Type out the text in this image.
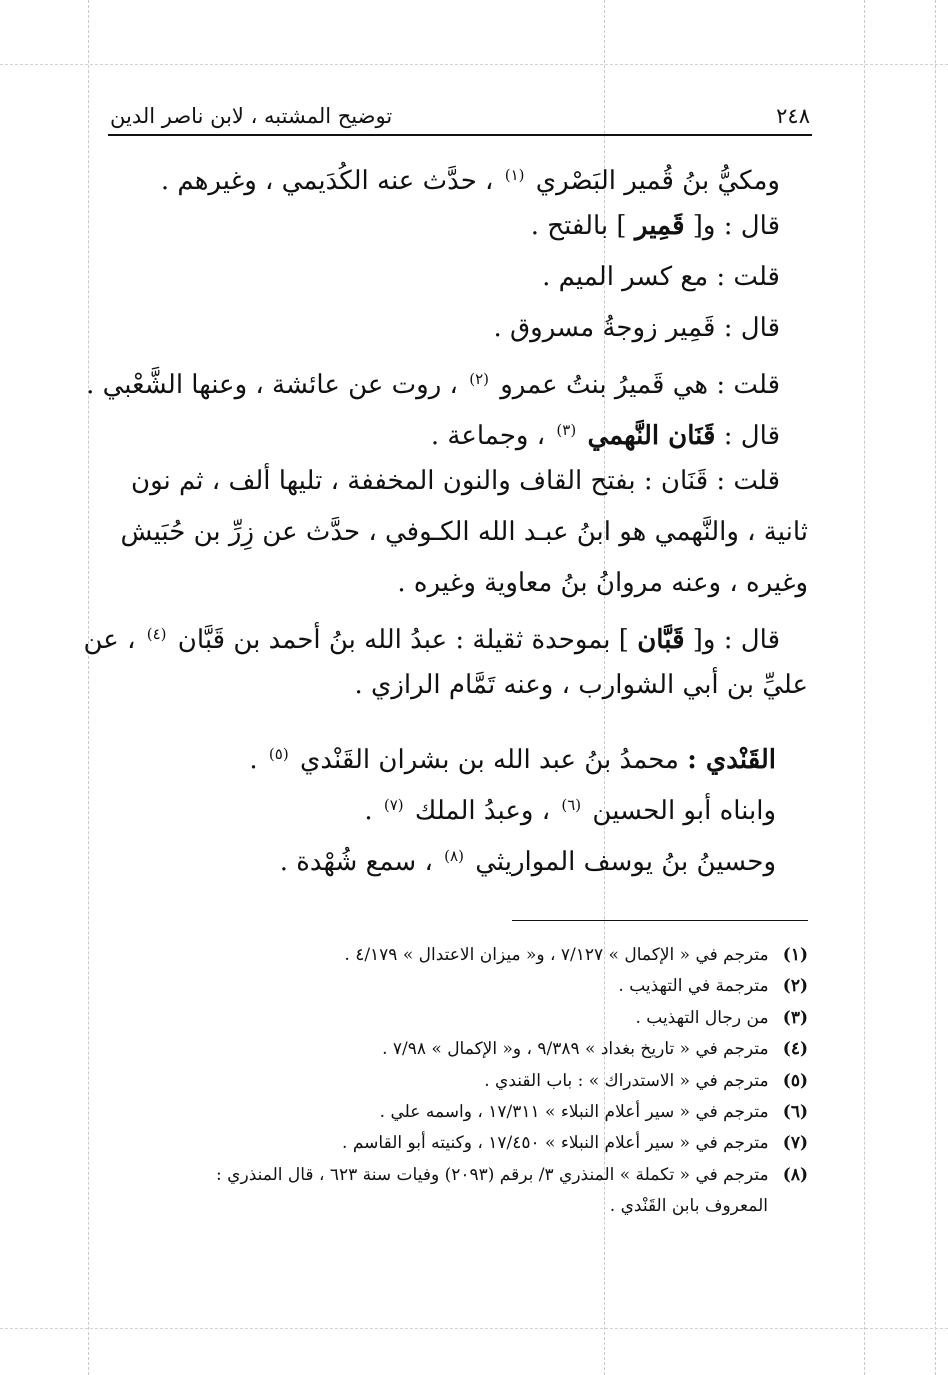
٢٤٨
توضيح المشتبه ، لابن ناصر الدين
ومكيُّ بنُ قُمير البَصْري $^{(١)}$ ، حدَّث عنه الكُدَيمي ، وغيرهم .
قال : و[ قَمِير ] بالفتح .
قلت : مع كسر الميم .
قال : قَمِير زوجةُ مسروق .
قلت : هي قَميرُ بنتُ عمرو $^{(٢)}$ ، روت عن عائشة ، وعنها الشَّعْبي .
قال : قَنَان النَّهمي $^{(٣)}$ ، وجماعة .
قلت : قَنَان : بفتح القاف والنون المخففة ، تليها ألف ، ثم نون
ثانية ، والنَّهمي هو ابنُ عبـد الله الكـوفي ، حدَّث عن زِرِّ بن حُبَيش
وغيره ، وعنه مروانُ بنُ معاوية وغيره .
قال : و[ قَبَّان ] بموحدة ثقيلة : عبدُ الله بنُ أحمد بن قَبَّان $^{(٤)}$ ، عن
عليِّ بن أبي الشوارب ، وعنه تَمَّام الرازي .
القَنْدي : محمدُ بنُ عبد الله بن بشران القَنْدي $^{(٥)}$ .
وابناه أبو الحسين $^{(٦)}$ ، وعبدُ الملك $^{(٧)}$ .
وحسينُ بنُ يوسف المواريثي $^{(٨)}$ ، سمع شُهْدة .
(١) مترجم في « الإكمال » ٧/١٢٧ ، و« ميزان الاعتدال » ٤/١٧٩ .
(٢) مترجمة في التهذيب .
(٣) من رجال التهذيب .
(٤) مترجم في « تاريخ بغداد » ٩/٣٨٩ ، و« الإكمال » ٧/٩٨ .
(٥) مترجم في « الاستدراك » : باب القندي .
(٦) مترجم في « سير أعلام النبلاء » ١٧/٣١١ ، واسمه علي .
(٧) مترجم في « سير أعلام النبلاء » ١٧/٤٥٠ ، وكنيته أبو القاسم .
(٨) مترجم في « تكملة » المنذري ٣/ برقم (٢٠٩٣) وفيات سنة ٦٢٣ ، قال المنذري :
المعروف بابن القَنْدي .
